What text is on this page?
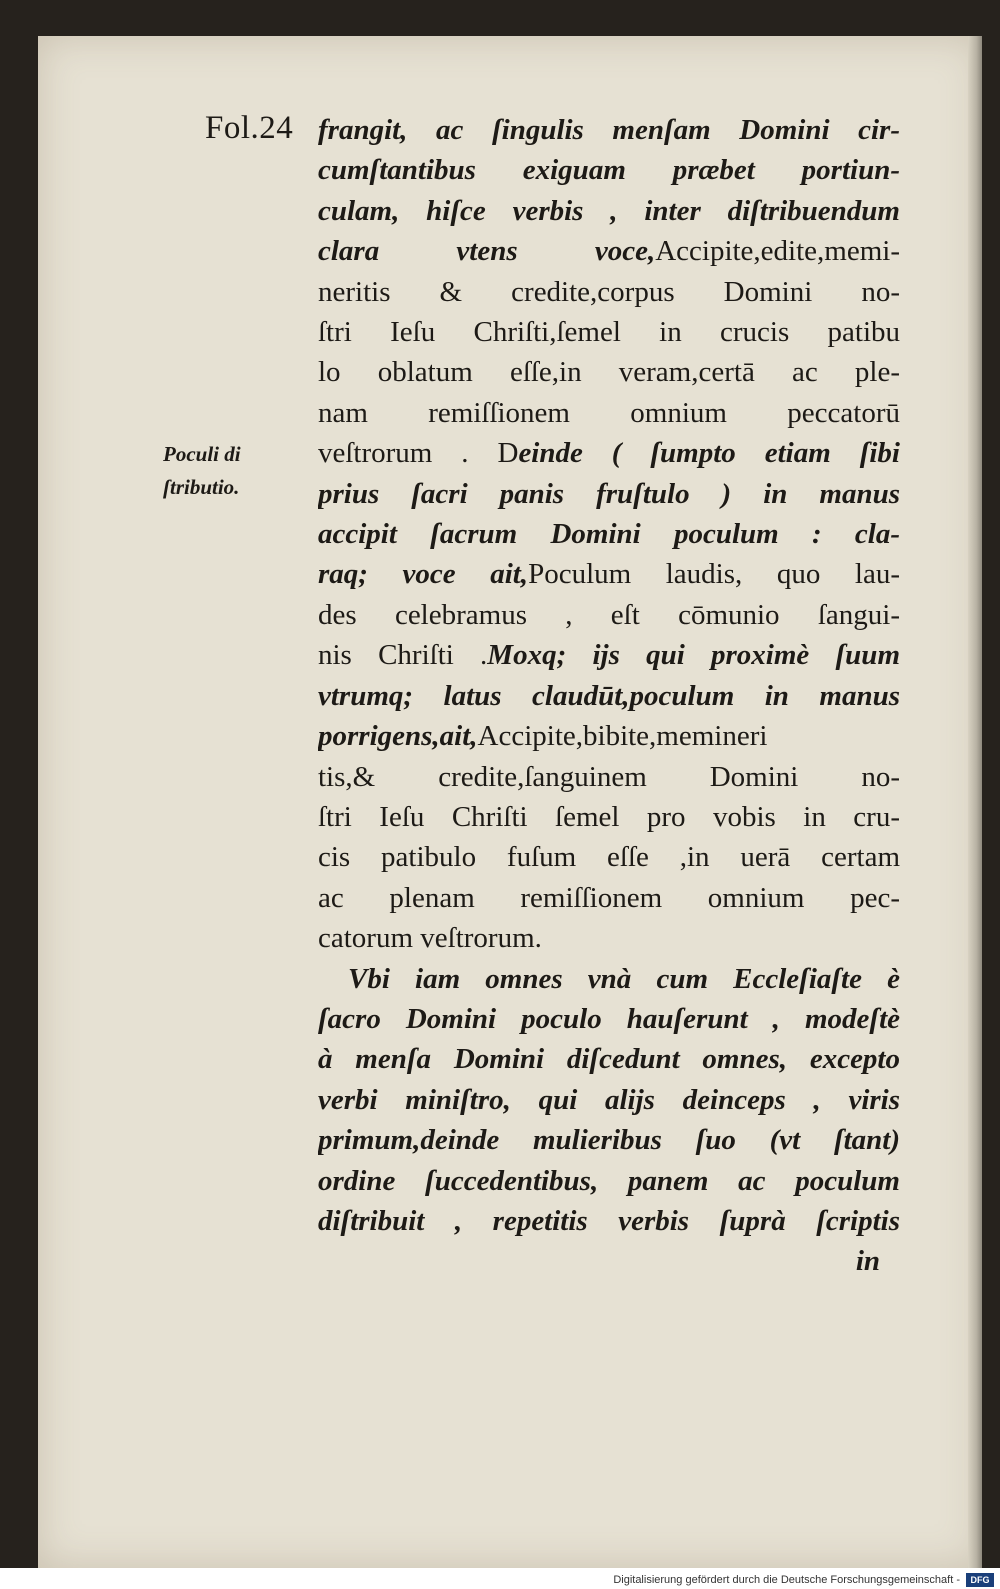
Fol.24
Poculi di
ſtributio.
frangit, ac ſingulis menſam Domini cir-
cumſtantibus exiguam præbet portiun-
culam, hiſce verbis , inter diſtribuendum
clara vtens voce,Accipite,edite,memi-
neritis & credite,corpus Domini no-
ſtri Ieſu Chriſti,ſemel in crucis patibu
lo oblatum eſſe,in veram,certā ac ple-
nam remiſſionem omnium peccatorū
veſtrorum . Deinde ( ſumpto etiam ſibi
prius ſacri panis fruſtulo ) in manus
accipit ſacrum Domini poculum : cla-
raq; voce ait,Poculum laudis, quo lau-
des celebramus , eſt cōmunio ſangui-
nis Chriſti .Moxq; ijs qui proximè ſuum
vtrumq; latus claudūt,poculum in manus
porrigens,ait,Accipite,bibite,memineri
tis,& credite,ſanguinem Domini no-
ſtri Ieſu Chriſti ſemel pro vobis in cru-
cis patibulo fuſum eſſe ,in uerā certam
ac plenam remiſſionem omnium pec-
catorum veſtrorum.
Vbi iam omnes vnà cum Eccleſiaſte è
ſacro Domini poculo hauſerunt , modeſtè
à menſa Domini diſcedunt omnes, excepto
verbi miniſtro, qui alijs deinceps , viris
primum,deinde mulieribus ſuo (vt ſtant)
ordine ſuccedentibus, panem ac poculum
diſtribuit , repetitis verbis ſuprà ſcriptis
in
Digitalisierung gefördert durch die Deutsche Forschungsgemeinschaft -	DFG
